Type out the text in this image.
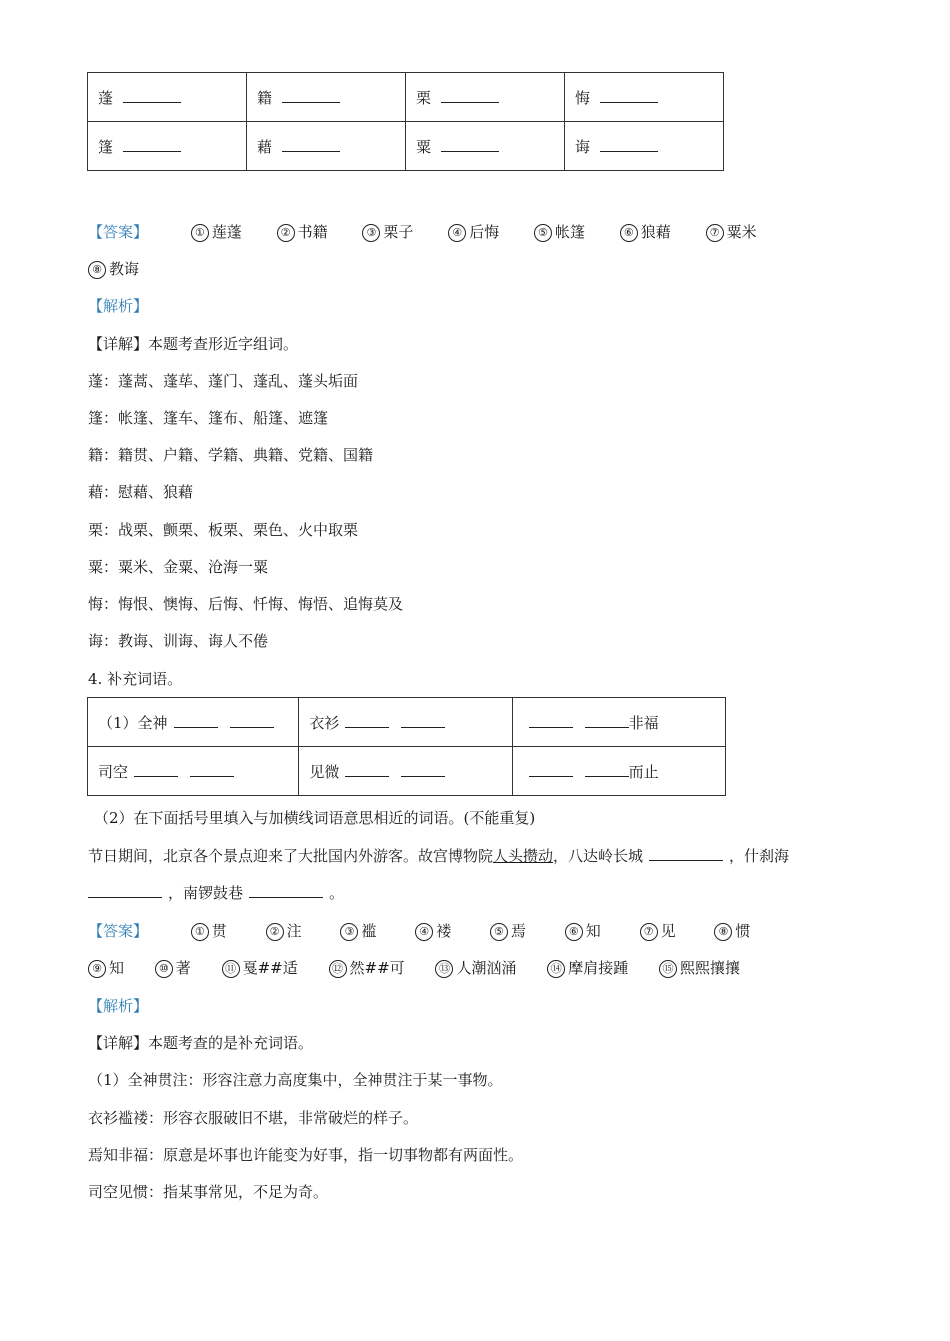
蓬	籍	栗	悔
篷	藉	粟	诲
【答案】	① 莲蓬	② 书籍	③ 栗子	④ 后悔	⑤ 帐篷	⑥ 狼藉	⑦ 粟米
⑧ 教诲
【解析】
【详解】本题考查形近字组词。
蓬：蓬蒿、蓬荜、蓬门、蓬乱、蓬头垢面
篷：帐篷、篷车、篷布、船篷、遮篷
籍：籍贯、户籍、学籍、典籍、党籍、国籍
藉：慰藉、狼藉
栗：战栗、颤栗、板栗、栗色、火中取栗
粟：粟米、金粟、沧海一粟
悔：悔恨、懊悔、后悔、忏悔、悔悟、追悔莫及
诲：教诲、训诲、诲人不倦
4. 补充词语。
（1）全神	衣衫	非福
司空	见微	而止
（2）在下面括号里填入与加横线词语意思相近的词语。(不能重复)
节日期间，北京各个景点迎来了大批国内外游客。故宫博物院人头攒动，八达岭长城	，什刹海
，南锣鼓巷	。
【答案】	① 贯	② 注	③ 褴	④ 褛	⑤ 焉	⑥ 知	⑦ 见	⑧ 惯
⑨ 知	⑩ 著	⑪ 戛##适	⑫ 然##可	⑬ 人潮汹涌	⑭ 摩肩接踵	⑮ 熙熙攘攘
【解析】
【详解】本题考查的是补充词语。
（1）全神贯注：形容注意力高度集中，全神贯注于某一事物。
衣衫褴褛：形容衣服破旧不堪，非常破烂的样子。
焉知非福：原意是坏事也许能变为好事，指一切事物都有两面性。
司空见惯：指某事常见，不足为奇。
